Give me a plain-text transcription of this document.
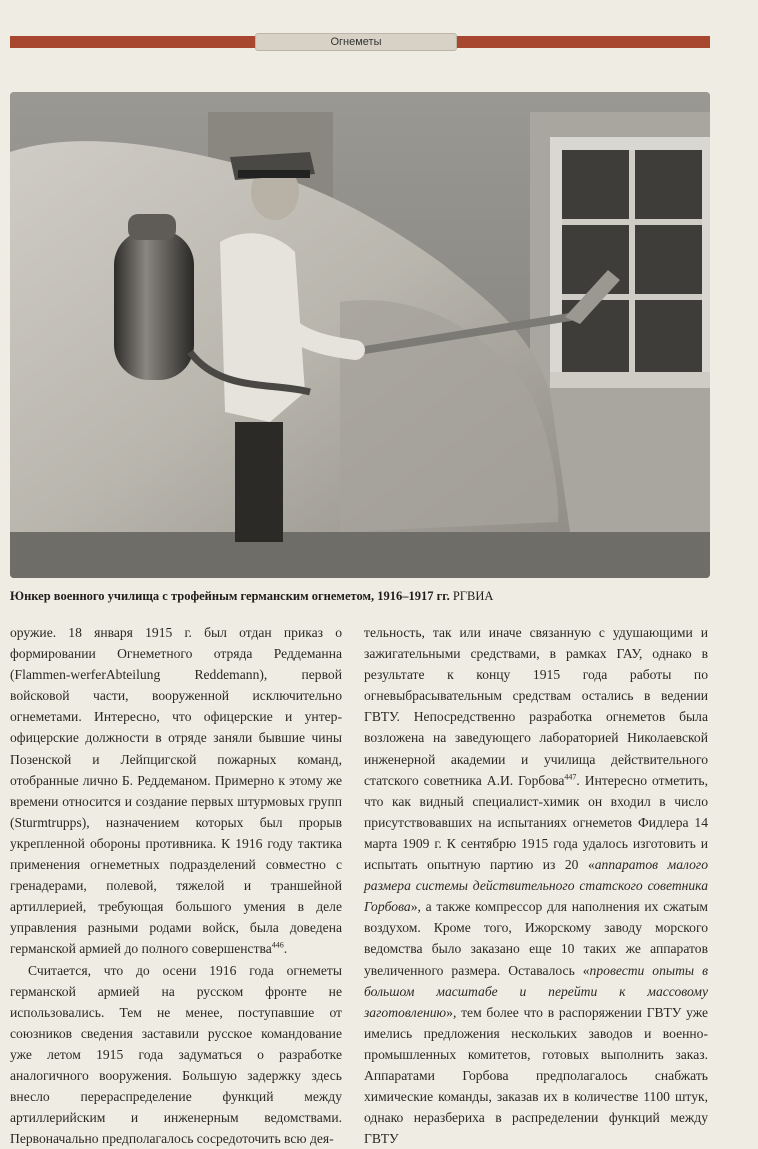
Огнеметы
Юнкер военного училища с трофейным германским огнеметом, 1916–1917 гг. РГВИА

оружие. 18 января 1915 г. был отдан приказ о формировании Огнеметного отряда Реддеманна (Flammen-werferAbteilung Reddemann), первой войсковой части, вооруженной исключительно огнеметами. Интересно, что офицерские и унтер-офицерские должности в отряде заняли бывшие чины Позенской и Лейпцигской пожарных команд, отобранные лично Б. Реддеманом. Примерно к этому же времени относится и создание первых штурмовых групп (Sturmtrupps), назначением которых был прорыв укрепленной обороны противника. К 1916 году тактика применения огнеметных подразделений совместно с гренадерами, полевой, тяжелой и траншейной артиллерией, требующая большого умения в деле управления разными родами войск, была доведена германской армией до полного совершенства$^{446}$.

Считается, что до осени 1916 года огнеметы германской армией на русском фронте не использовались. Тем не менее, поступавшие от союзников сведения заставили русское командование уже летом 1915 года задуматься о разработке аналогичного вооружения. Большую задержку здесь внесло перераспределение функций между артиллерийским и инженерным ведомствами. Первоначально предполагалось сосредоточить всю дея-

тельность, так или иначе связанную с удушающими и зажигательными средствами, в рамках ГАУ, однако в результате к концу 1915 года работы по огневыбрасывательным средствам остались в ведении ГВТУ. Непосредственно разработка огнеметов была возложена на заведующего лабораторией Николаевской инженерной академии и училища действительного статского советника А.И. Горбова$^{447}$. Интересно отметить, что как видный специалист-химик он входил в число присутствовавших на испытаниях огнеметов Фидлера 14 марта 1909 г. К сентябрю 1915 года удалось изготовить и испытать опытную партию из 20 «аппаратов малого размера системы действительного статского советника Горбова», а также компрессор для наполнения их сжатым воздухом. Кроме того, Ижорскому заводу морского ведомства было заказано еще 10 таких же аппаратов увеличенного размера. Оставалось «провести опыты в большом масштабе и перейти к массовому заготовлению», тем более что в распоряжении ГВТУ уже имелись предложения нескольких заводов и военно-промышленных комитетов, готовых выполнить заказ. Аппаратами Горбова предполагалось снабжать химические команды, заказав их в количестве 1100 штук, однако неразбериха в распределении функций между ГВТУ
